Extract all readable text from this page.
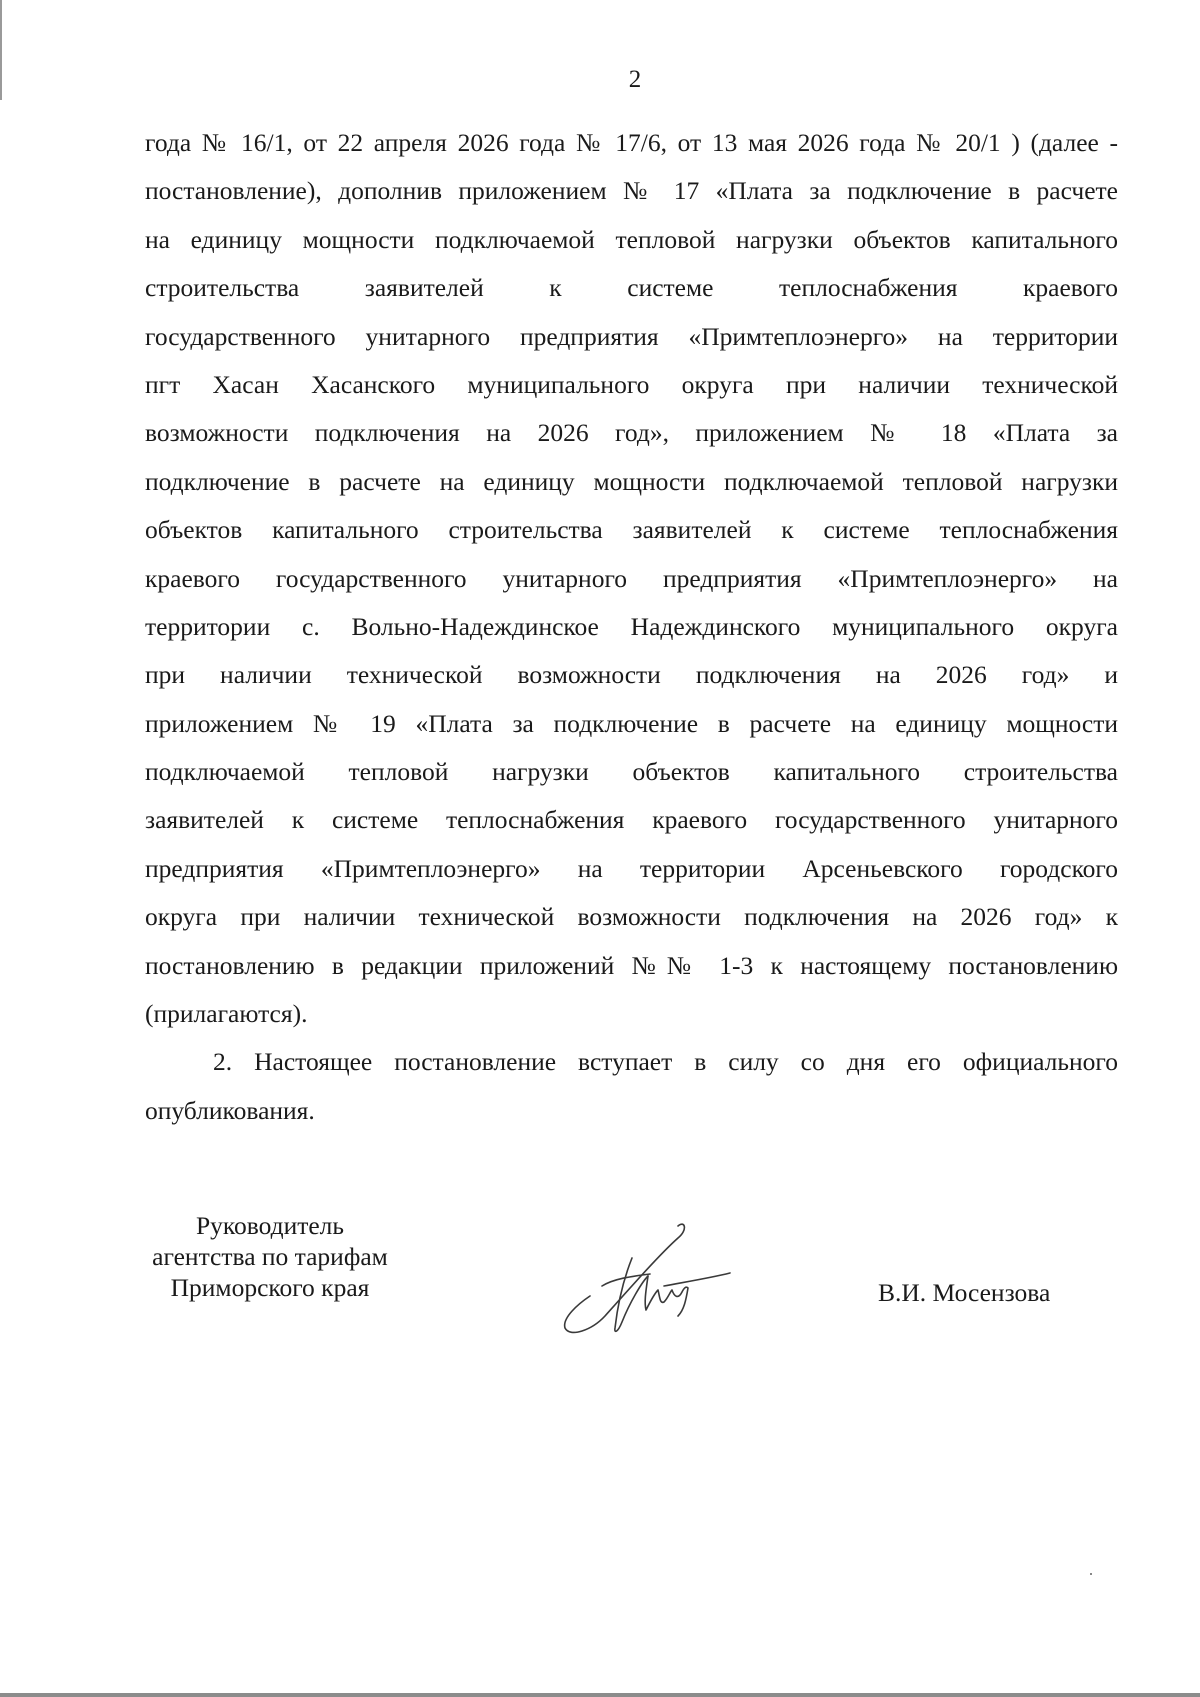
2
года № 16/1, от 22 апреля 2026 года № 17/6, от 13 мая 2026 года № 20/1 ) (далее -
постановление), дополнив приложением № 17 «Плата за подключение в расчете
на единицу мощности подключаемой тепловой нагрузки объектов капитального
строительства заявителей к системе теплоснабжения краевого
государственного унитарного предприятия «Примтеплоэнерго» на территории
пгт Хасан Хасанского муниципального округа при наличии технической
возможности подключения на 2026 год», приложением № 18 «Плата за
подключение в расчете на единицу мощности подключаемой тепловой нагрузки
объектов капитального строительства заявителей к системе теплоснабжения
краевого государственного унитарного предприятия «Примтеплоэнерго» на
территории с. Вольно-Надеждинское Надеждинского муниципального округа
при наличии технической возможности подключения на 2026 год» и
приложением № 19 «Плата за подключение в расчете на единицу мощности
подключаемой тепловой нагрузки объектов капитального строительства
заявителей к системе теплоснабжения краевого государственного унитарного
предприятия «Примтеплоэнерго» на территории Арсеньевского городского
округа при наличии технической возможности подключения на 2026 год» к
постановлению в редакции приложений №№ 1-3 к настоящему постановлению
(прилагаются).
2. Настоящее постановление вступает в силу со дня его официального
опубликования.
Руководитель
агентства по тарифам
Приморского края	В.И. Мосензова
